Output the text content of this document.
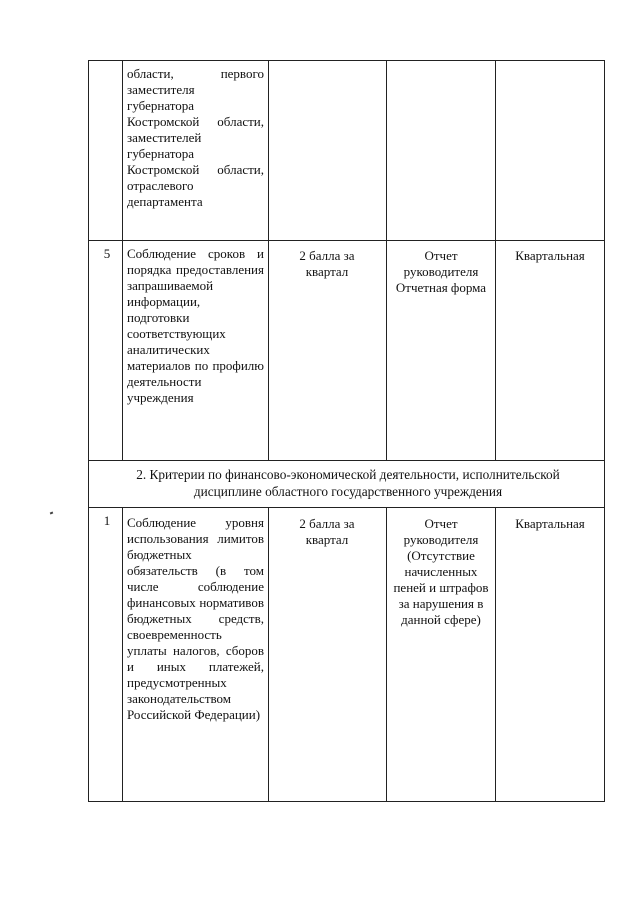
области, первого заместителя губернатора Костромской области, заместителей губернатора Костромской области, отраслевого департамента
5	Соблюдение сроков и порядка предоставления запрашиваемой информации, подготовки соответствующих аналитических материалов по профилю деятельности учреждения
2 балла за квартал
Отчет руководителя Отчетная форма
Квартальная
2. Критерии по финансово-экономической деятельности, исполнительской дисциплине областного государственного учреждения
1	Соблюдение уровня использования лимитов бюджетных обязательств (в том числе соблюдение финансовых нормативов бюджетных средств, своевременность уплаты налогов, сборов и иных платежей, предусмотренных законодательством Российской Федерации)
2 балла за квартал
Отчет руководителя (Отсутствие начисленных пеней и штрафов за нарушения в данной сфере)
Квартальная
